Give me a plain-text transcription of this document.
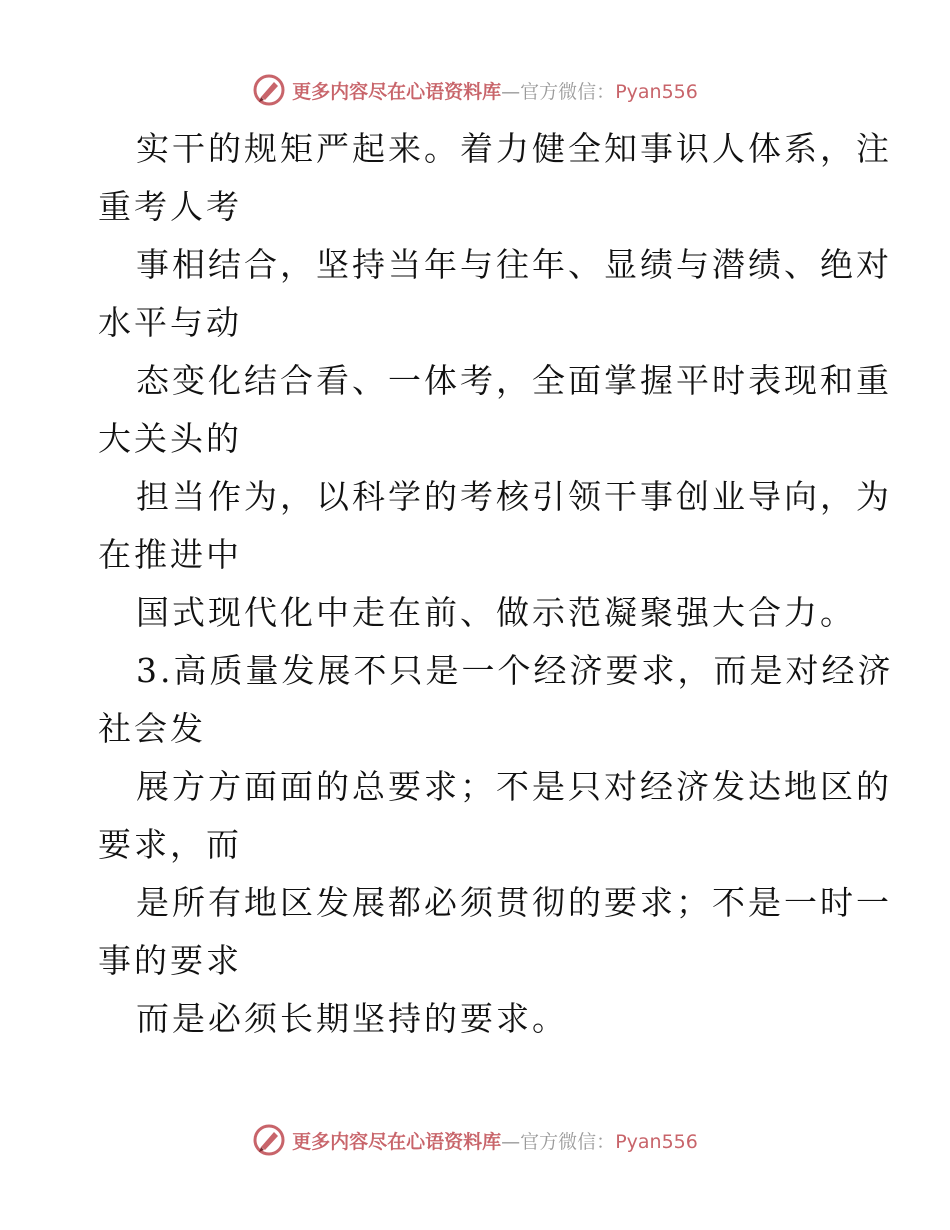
更多内容尽在心语资料库—官方微信：Pyan556
实干的规矩严起来。着力健全知事识人体系，注
重考人考
事相结合，坚持当年与往年、显绩与潜绩、绝对
水平与动
态变化结合看、一体考，全面掌握平时表现和重
大关头的
担当作为，以科学的考核引领干事创业导向，为
在推进中
国式现代化中走在前、做示范凝聚强大合力。
3.高质量发展不只是一个经济要求，而是对经济
社会发
展方方面面的总要求；不是只对经济发达地区的
要求，而
是所有地区发展都必须贯彻的要求；不是一时一
事的要求
而是必须长期坚持的要求。
更多内容尽在心语资料库—官方微信：Pyan556
